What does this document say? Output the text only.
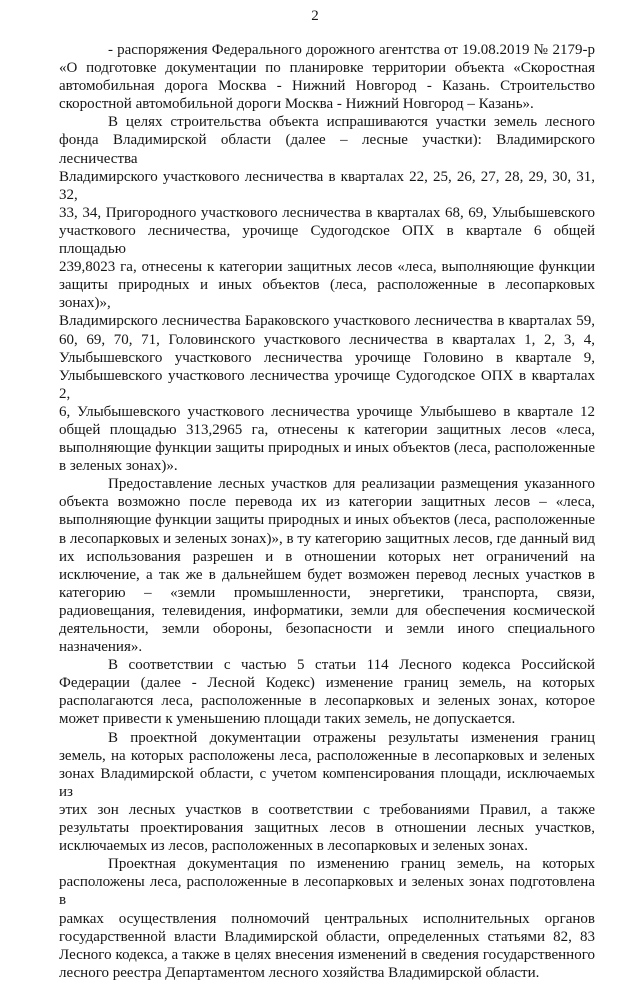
2

- распоряжения Федерального дорожного агентства от 19.08.2019 № 2179-р

«О подготовке документации по планировке территории объекта «Скоростная

автомобильная дорога Москва - Нижний Новгород - Казань. Строительство

скоростной автомобильной дороги Москва - Нижний Новгород – Казань».

В целях строительства объекта испрашиваются участки земель лесного

фонда Владимирской области (далее – лесные участки): Владимирского лесничества

Владимирского участкового лесничества в кварталах 22, 25, 26, 27, 28, 29, 30, 31, 32,

33, 34, Пригородного участкового лесничества в кварталах 68, 69, Улыбышевского

участкового лесничества, урочище Судогодское ОПХ в квартале 6 общей площадью

239,8023 га, отнесены к категории защитных лесов «леса, выполняющие функции

защиты природных и иных объектов (леса, расположенные в лесопарковых зонах)»,

Владимирского лесничества Бараковского участкового лесничества в кварталах 59,

60, 69, 70, 71, Головинского участкового лесничества в кварталах 1, 2, 3, 4,

Улыбышевского участкового лесничества урочище Головино в квартале 9,

Улыбышевского участкового лесничества урочище Судогодское ОПХ в кварталах 2,

6, Улыбышевского участкового лесничества урочище Улыбышево в квартале 12

общей площадью 313,2965 га, отнесены к категории защитных лесов «леса,

выполняющие функции защиты природных и иных объектов (леса, расположенные

в зеленых зонах)».

Предоставление лесных участков для реализации размещения указанного

объекта возможно после перевода их из категории защитных лесов – «леса,

выполняющие функции защиты природных и иных объектов (леса, расположенные

в лесопарковых и зеленых зонах)», в ту категорию защитных лесов, где данный вид

их использования разрешен и в отношении которых нет ограничений на

исключение, а так же в дальнейшем будет возможен перевод лесных участков в

категорию – «земли промышленности, энергетики, транспорта, связи,

радиовещания, телевидения, информатики, земли для обеспечения космической

деятельности, земли обороны, безопасности и земли иного специального

назначения».

В соответствии с частью 5 статьи 114 Лесного кодекса Российской

Федерации (далее - Лесной Кодекс) изменение границ земель, на которых

располагаются леса, расположенные в лесопарковых и зеленых зонах, которое

может привести к уменьшению площади таких земель, не допускается.

В проектной документации отражены результаты изменения границ

земель, на которых расположены леса, расположенные в лесопарковых и зеленых

зонах Владимирской области, с учетом компенсирования площади, исключаемых из

этих зон лесных участков в соответствии с требованиями Правил, а также

результаты проектирования защитных лесов в отношении лесных участков,

исключаемых из лесов, расположенных в лесопарковых и зеленых зонах.

Проектная документация по изменению границ земель, на которых

расположены леса, расположенные в лесопарковых и зеленых зонах подготовлена в

рамках осуществления полномочий центральных исполнительных органов

государственной власти Владимирской области, определенных статьями 82, 83

Лесного кодекса, а также в целях внесения изменений в сведения государственного

лесного реестра Департаментом лесного хозяйства Владимирской области.
